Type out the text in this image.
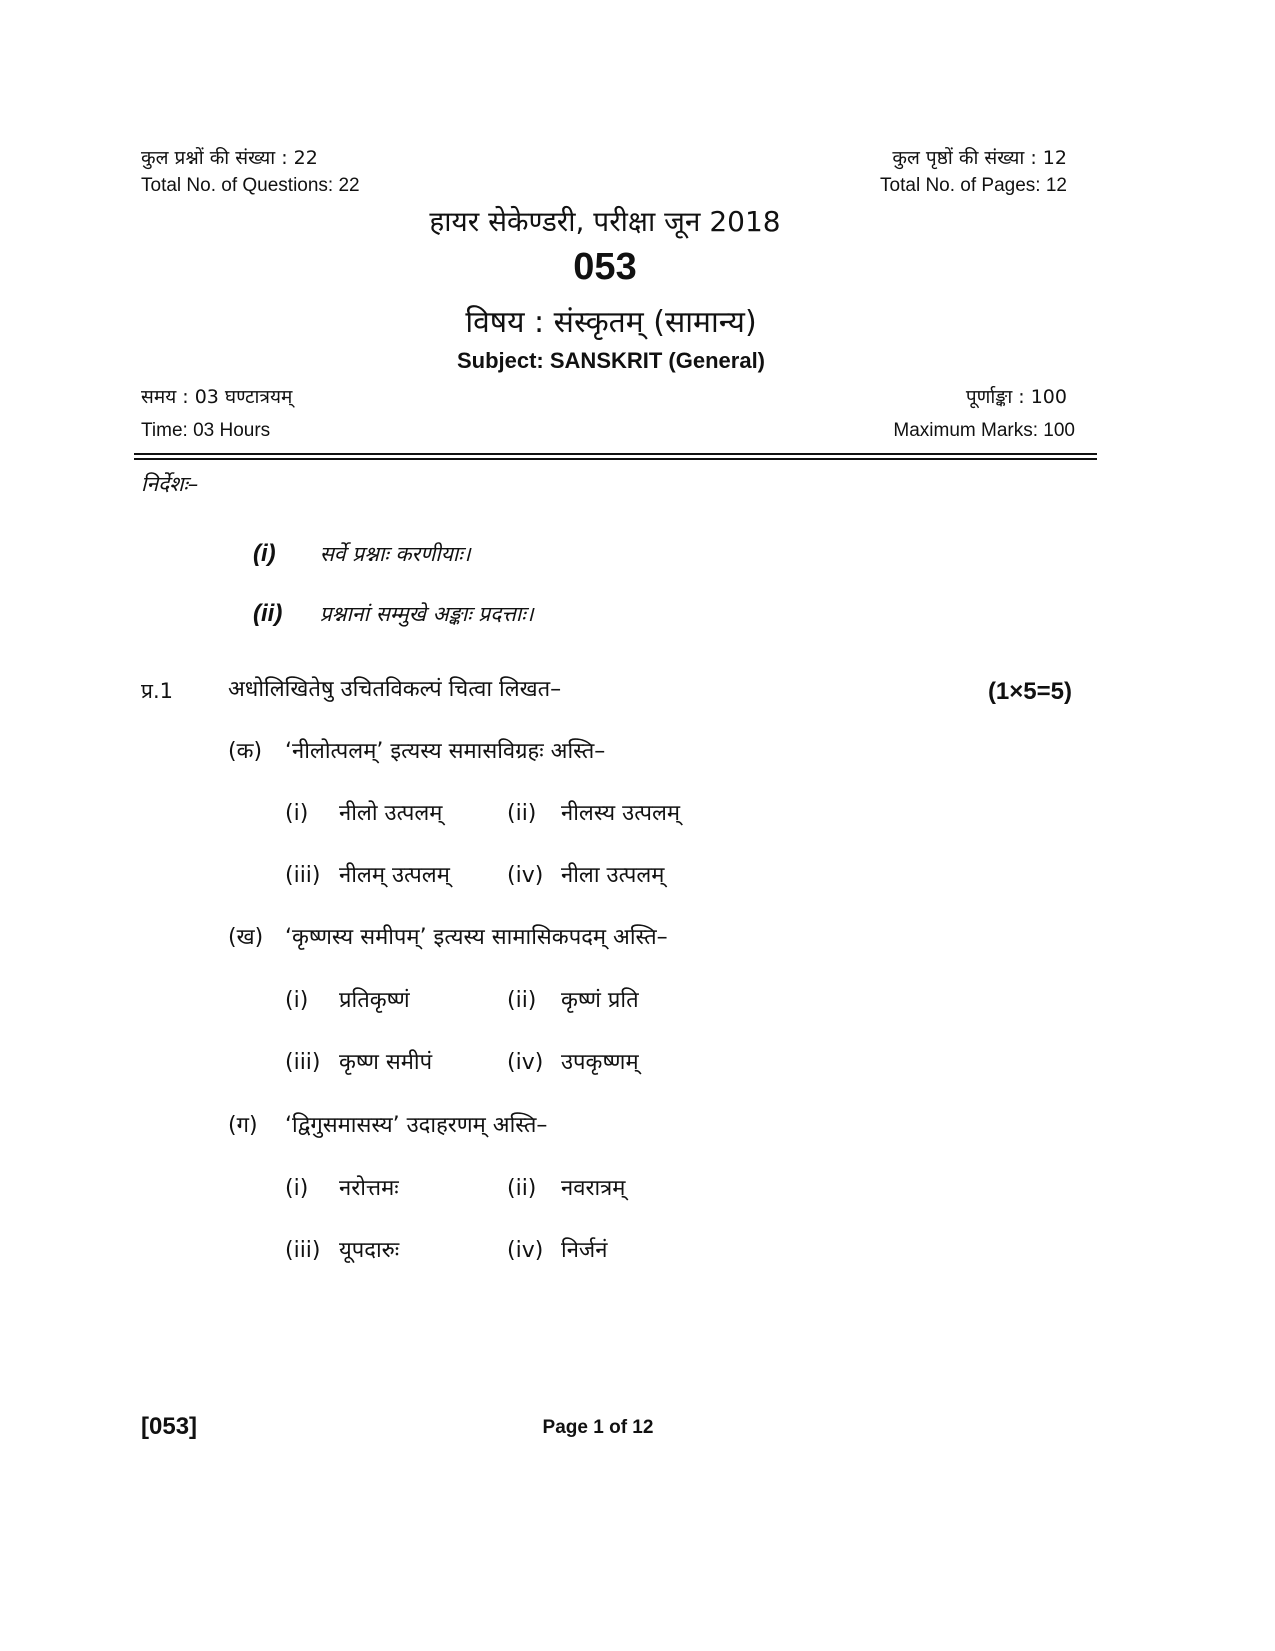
कुल प्रश्नों की संख्या : 22
Total No. of Questions: 22
कुल पृष्ठों की संख्या : 12
Total No. of Pages: 12
हायर सेकेण्डरी, परीक्षा जून 2018
053
विषय : संस्कृतम् (सामान्य)
Subject: SANSKRIT (General)
समय : 03 घण्टात्रयम्
Time: 03 Hours
पूर्णाङ्का : 100
Maximum Marks: 100
निर्देशः–
(i) सर्वे प्रश्नाः करणीयाः।
(ii) प्रश्नानां सम्मुखे अङ्काः प्रदत्ताः।
प्र.1	अधोलिखितेषु उचितविकल्पं चित्वा लिखत–	(1×5=5)
(क) ‘नीलोत्पलम्’ इत्यस्य समासविग्रहः अस्ति–
(i) नीलो उत्पलम्	(ii) नीलस्य उत्पलम्
(iii) नीलम् उत्पलम्	(iv) नीला उत्पलम्
(ख) ‘कृष्णस्य समीपम्’ इत्यस्य सामासिकपदम् अस्ति–
(i) प्रतिकृष्णं	(ii) कृष्णं प्रति
(iii) कृष्ण समीपं	(iv) उपकृष्णम्
(ग) ‘द्विगुसमासस्य’ उदाहरणम् अस्ति–
(i) नरोत्तमः	(ii) नवरात्रम्
(iii) यूपदारुः	(iv) निर्जनं
[053]	Page 1 of 12
